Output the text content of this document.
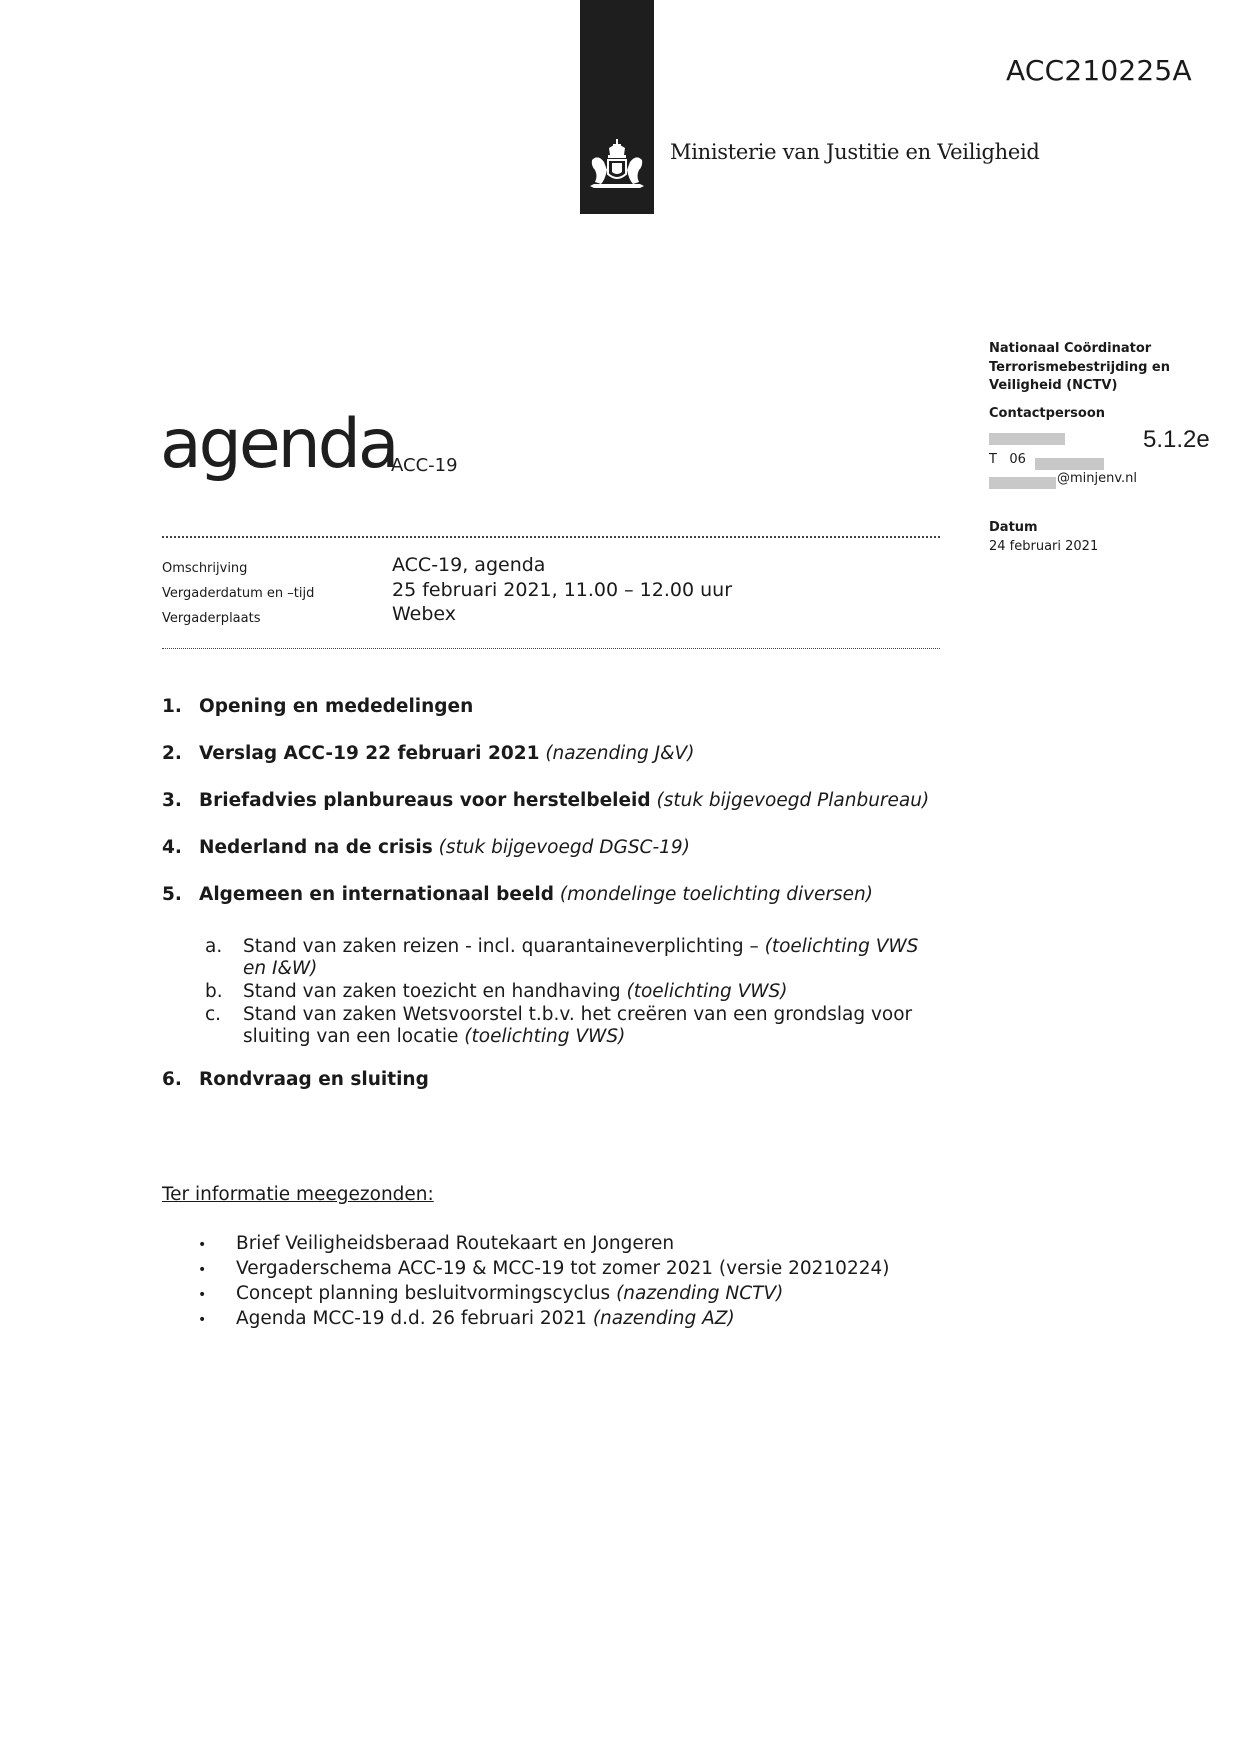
Ministerie van Justitie en Veiligheid
ACC210225A
Nationaal Coördinator
Terrorismebestrijding en
Veiligheid (NCTV)
Contactpersoon
5.1.2e
T   06
@minjenv.nl
Datum
24 februari 2021
agenda
ACC-19
Omschrijving	ACC-19, agenda
Vergaderdatum en –tijd	25 februari 2021, 11.00 – 12.00 uur
Vergaderplaats	Webex
1. Opening en mededelingen
2. Verslag ACC-19 22 februari 2021 (nazending J&V)
3. Briefadvies planbureaus voor herstelbeleid (stuk bijgevoegd Planbureau)
4. Nederland na de crisis (stuk bijgevoegd DGSC-19)
5. Algemeen en internationaal beeld (mondelinge toelichting diversen)
a.	Stand van zaken reizen - incl. quarantaineverplichting – (toelichting VWS en I&W)
b.	Stand van zaken toezicht en handhaving (toelichting VWS)
c.	Stand van zaken Wetsvoorstel t.b.v. het creëren van een grondslag voor sluiting van een locatie (toelichting VWS)
6. Rondvraag en sluiting
Ter informatie meegezonden:
• Brief Veiligheidsberaad Routekaart en Jongeren
• Vergaderschema ACC-19 & MCC-19 tot zomer 2021 (versie 20210224)
• Concept planning besluitvormingscyclus (nazending NCTV)
• Agenda MCC-19 d.d. 26 februari 2021 (nazending AZ)
